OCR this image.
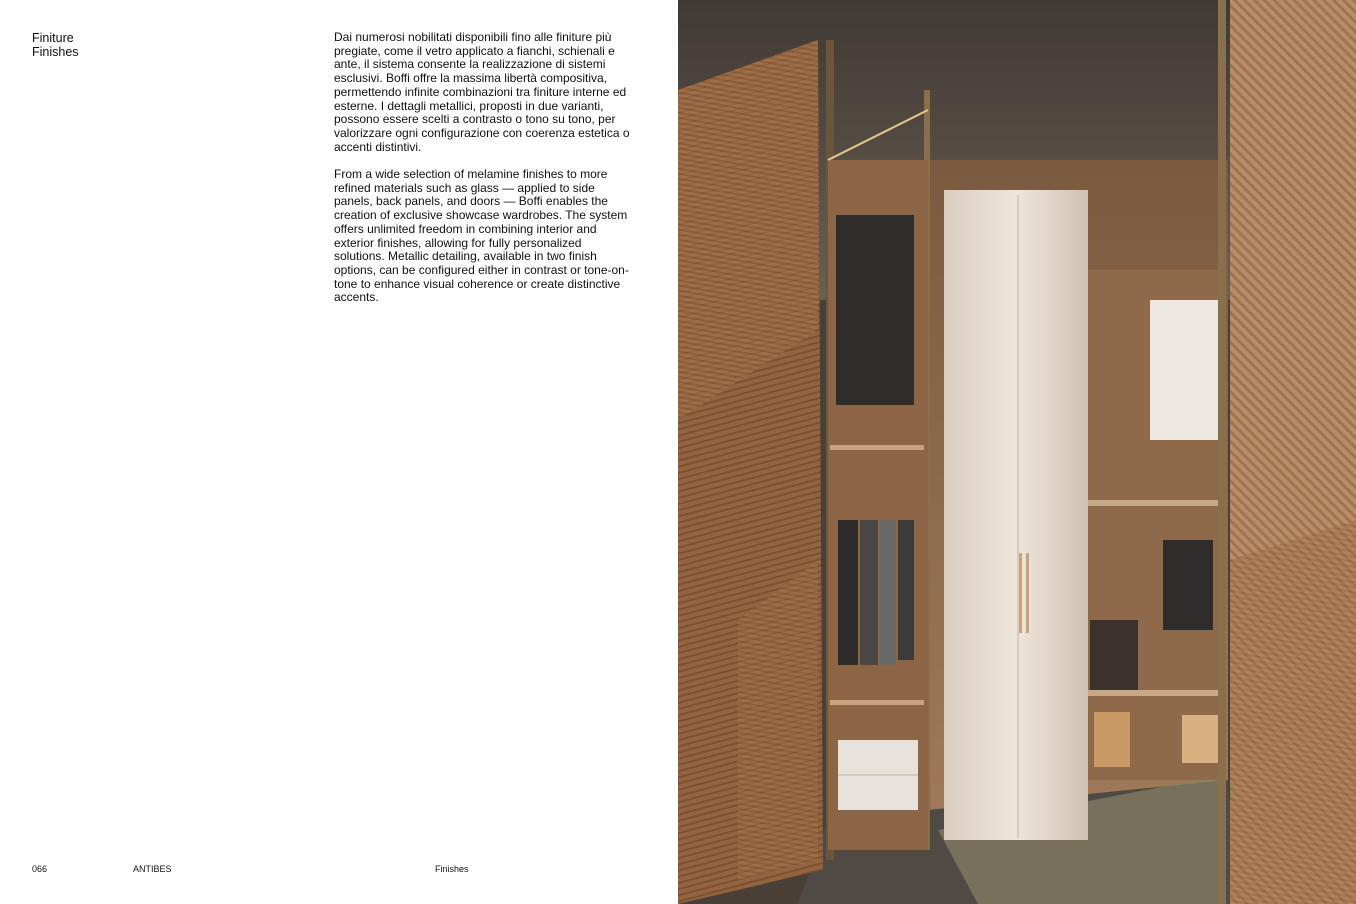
Finiture
Finishes

Dai numerosi nobilitati disponibili fino alle finiture più pregiate, come il vetro applicato a fianchi, schienali e ante, il sistema consente la realizzazione di sistemi esclusivi. Boffi offre la massima libertà compositiva, permettendo infinite combinazioni tra finiture interne ed esterne. I dettagli metallici, proposti in due varianti, possono essere scelti a contrasto o tono su tono, per valorizzare ogni configurazione con coerenza estetica o accenti distintivi.

From a wide selection of melamine finishes to more refined materials such as glass — applied to side panels, back panels, and doors — Boffi enables the creation of exclusive showcase wardrobes. The system offers unlimited freedom in combining interior and exterior finishes, allowing for fully personalized solutions. Metallic detailing, available in two finish options, can be configured either in contrast or tone-on-tone to enhance visual coherence or create distinctive accents.

066	ANTIBES	Finishes
